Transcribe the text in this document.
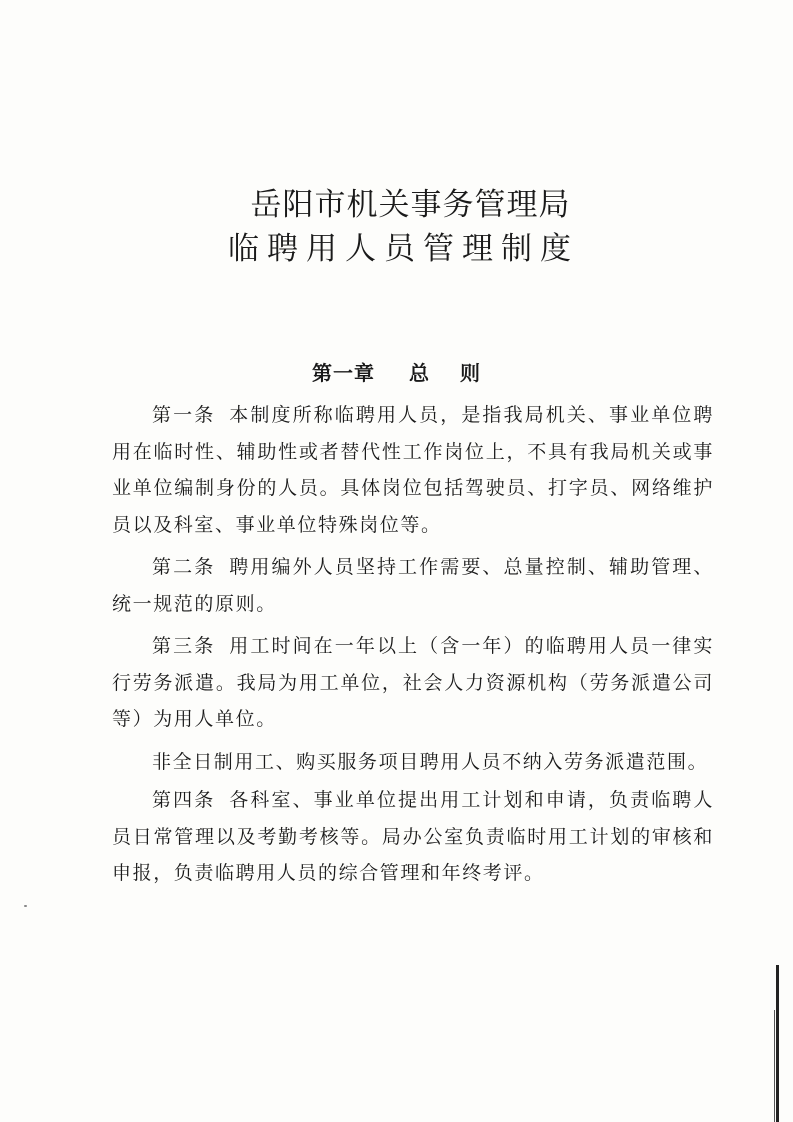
岳阳市机关事务管理局
临聘用人员管理制度
第一章 总 则

第一条 本制度所称临聘用人员，是指我局机关、事业单位聘用在临时性、辅助性或者替代性工作岗位上，不具有我局机关或事业单位编制身份的人员。具体岗位包括驾驶员、打字员、网络维护员以及科室、事业单位特殊岗位等。

第二条 聘用编外人员坚持工作需要、总量控制、辅助管理、统一规范的原则。

第三条 用工时间在一年以上（含一年）的临聘用人员一律实行劳务派遣。我局为用工单位，社会人力资源机构（劳务派遣公司等）为用人单位。

非全日制用工、购买服务项目聘用人员不纳入劳务派遣范围。

第四条 各科室、事业单位提出用工计划和申请，负责临聘人员日常管理以及考勤考核等。局办公室负责临时用工计划的审核和申报，负责临聘用人员的综合管理和年终考评。
